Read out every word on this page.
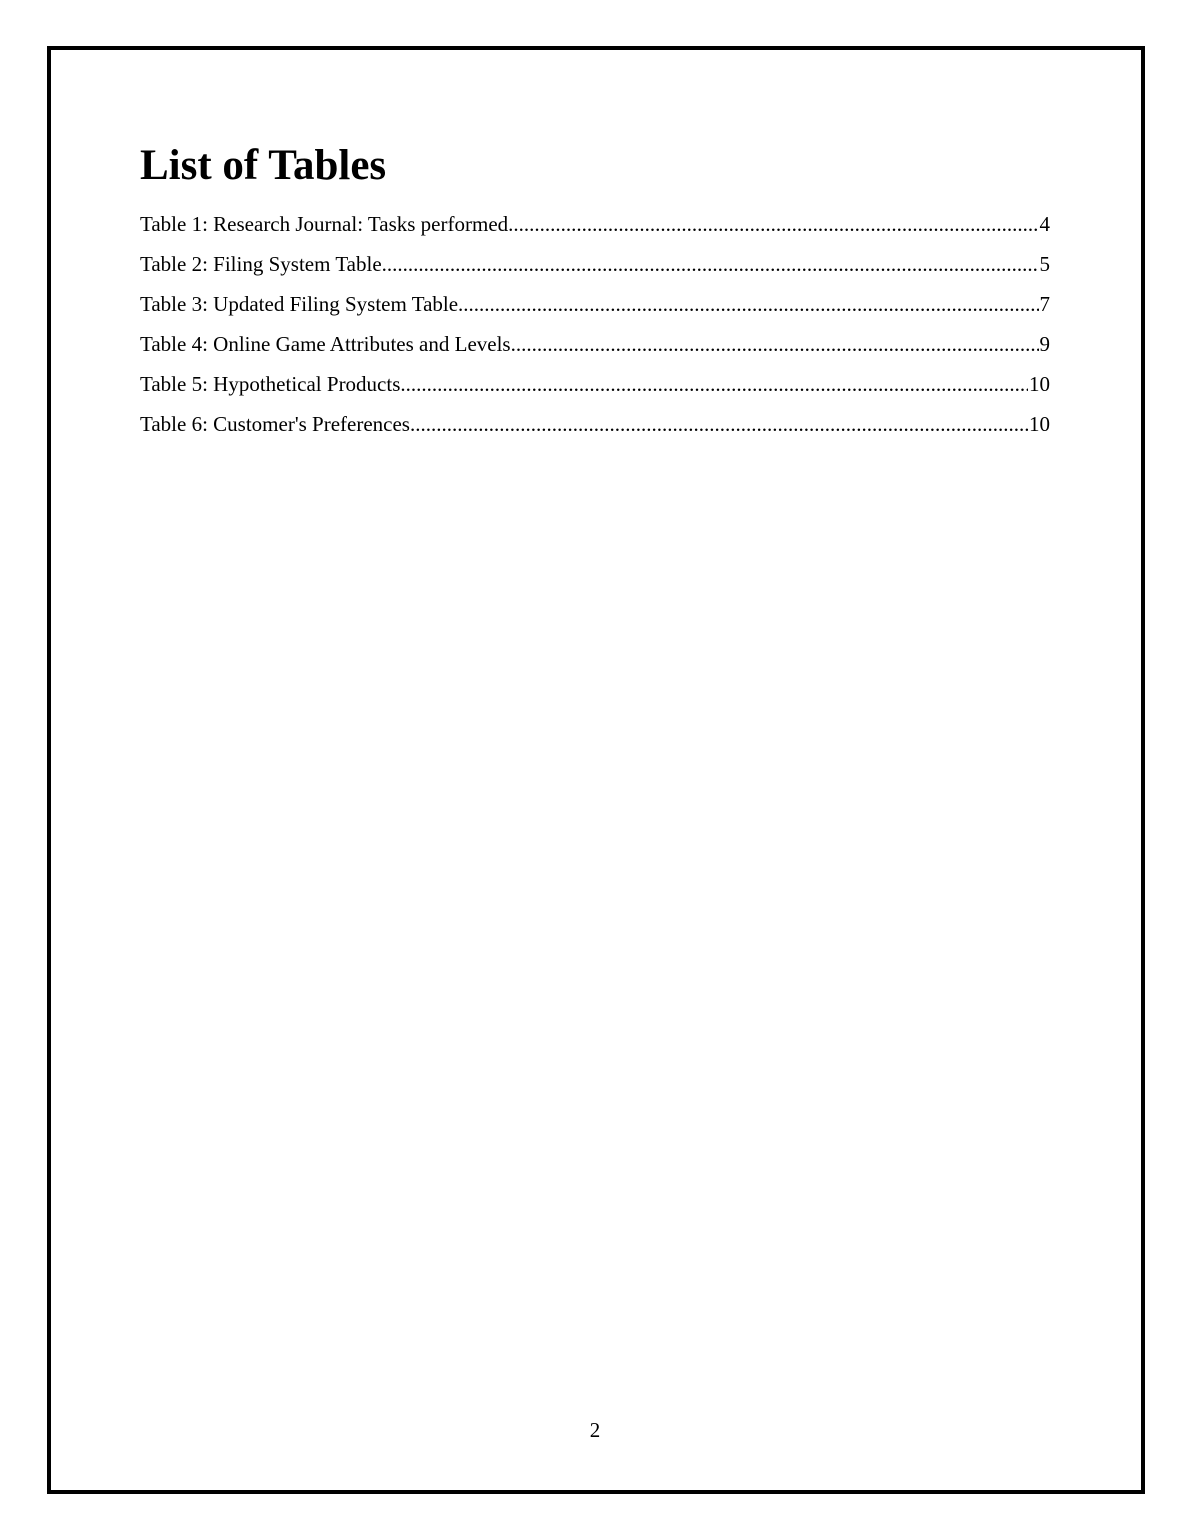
List of Tables
Table 1: Research Journal: Tasks performed .....	4
Table 2: Filing System Table .....	5
Table 3: Updated Filing System Table .....	7
Table 4: Online Game Attributes and Levels .....	9
Table 5: Hypothetical Products .....	10
Table 6: Customer's Preferences .....	10
2
